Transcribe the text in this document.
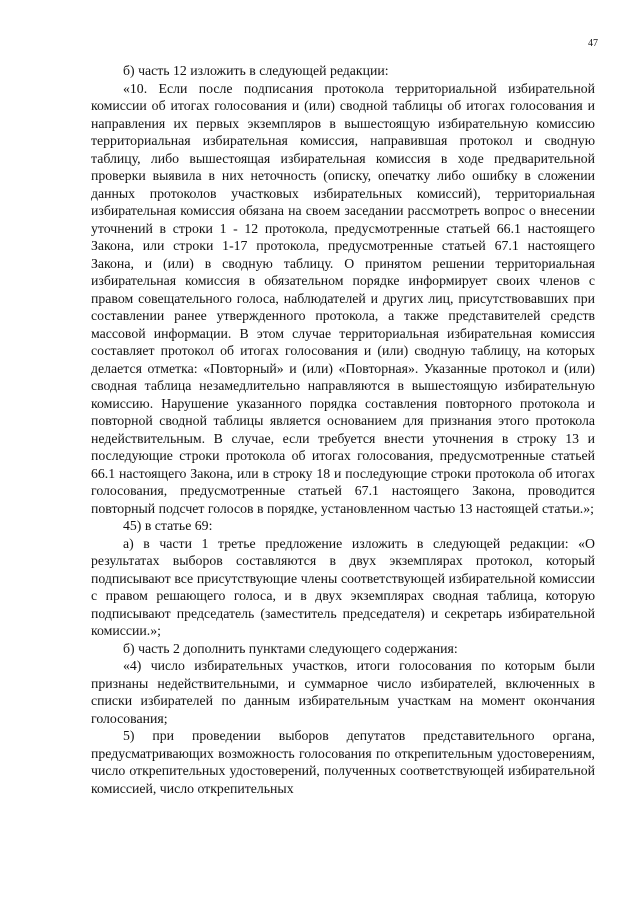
47

б) часть 12 изложить в следующей редакции:

«10. Если после подписания протокола территориальной избирательной комиссии об итогах голосования и (или) сводной таблицы об итогах голосования и направления их первых экземпляров в вышестоящую избирательную комиссию территориальная избирательная комиссия, направившая протокол и сводную таблицу, либо вышестоящая избирательная комиссия в ходе предварительной проверки выявила в них неточность (описку, опечатку либо ошибку в сложении данных протоколов участковых избирательных комиссий), территориальная избирательная комиссия обязана на своем заседании рассмотреть вопрос о внесении уточнений в строки 1 - 12 протокола, предусмотренные статьей 66.1 настоящего Закона, или строки 1-17 протокола, предусмотренные статьей 67.1 настоящего Закона, и (или) в сводную таблицу. О принятом решении территориальная избирательная комиссия в обязательном порядке информирует своих членов с правом совещательного голоса, наблюдателей и других лиц, присутствовавших при составлении ранее утвержденного протокола, а также представителей средств массовой информации. В этом случае территориальная избирательная комиссия составляет протокол об итогах голосования и (или) сводную таблицу, на которых делается отметка: «Повторный» и (или) «Повторная». Указанные протокол и (или) сводная таблица незамедлительно направляются в вышестоящую избирательную комиссию. Нарушение указанного порядка составления повторного протокола и повторной сводной таблицы является основанием для признания этого протокола недействительным. В случае, если требуется внести уточнения в строку 13 и последующие строки протокола об итогах голосования, предусмотренные статьей 66.1 настоящего Закона, или в строку 18 и последующие строки протокола об итогах голосования, предусмотренные статьей 67.1 настоящего Закона, проводится повторный подсчет голосов в порядке, установленном частью 13 настоящей статьи.»;

45) в статье 69:

а) в части 1 третье предложение изложить в следующей редакции: «О результатах выборов составляются в двух экземплярах протокол, который подписывают все присутствующие члены соответствующей избирательной комиссии с правом решающего голоса, и в двух экземплярах сводная таблица, которую подписывают председатель (заместитель председателя) и секретарь избирательной комиссии.»;

б) часть 2 дополнить пунктами следующего содержания:

«4) число избирательных участков, итоги голосования по которым были признаны недействительными, и суммарное число избирателей, включенных в списки избирателей по данным избирательным участкам на момент окончания голосования;

5) при проведении выборов депутатов представительного органа, предусматривающих возможность голосования по открепительным удостоверениям, число открепительных удостоверений, полученных соответствующей избирательной комиссией, число открепительных
